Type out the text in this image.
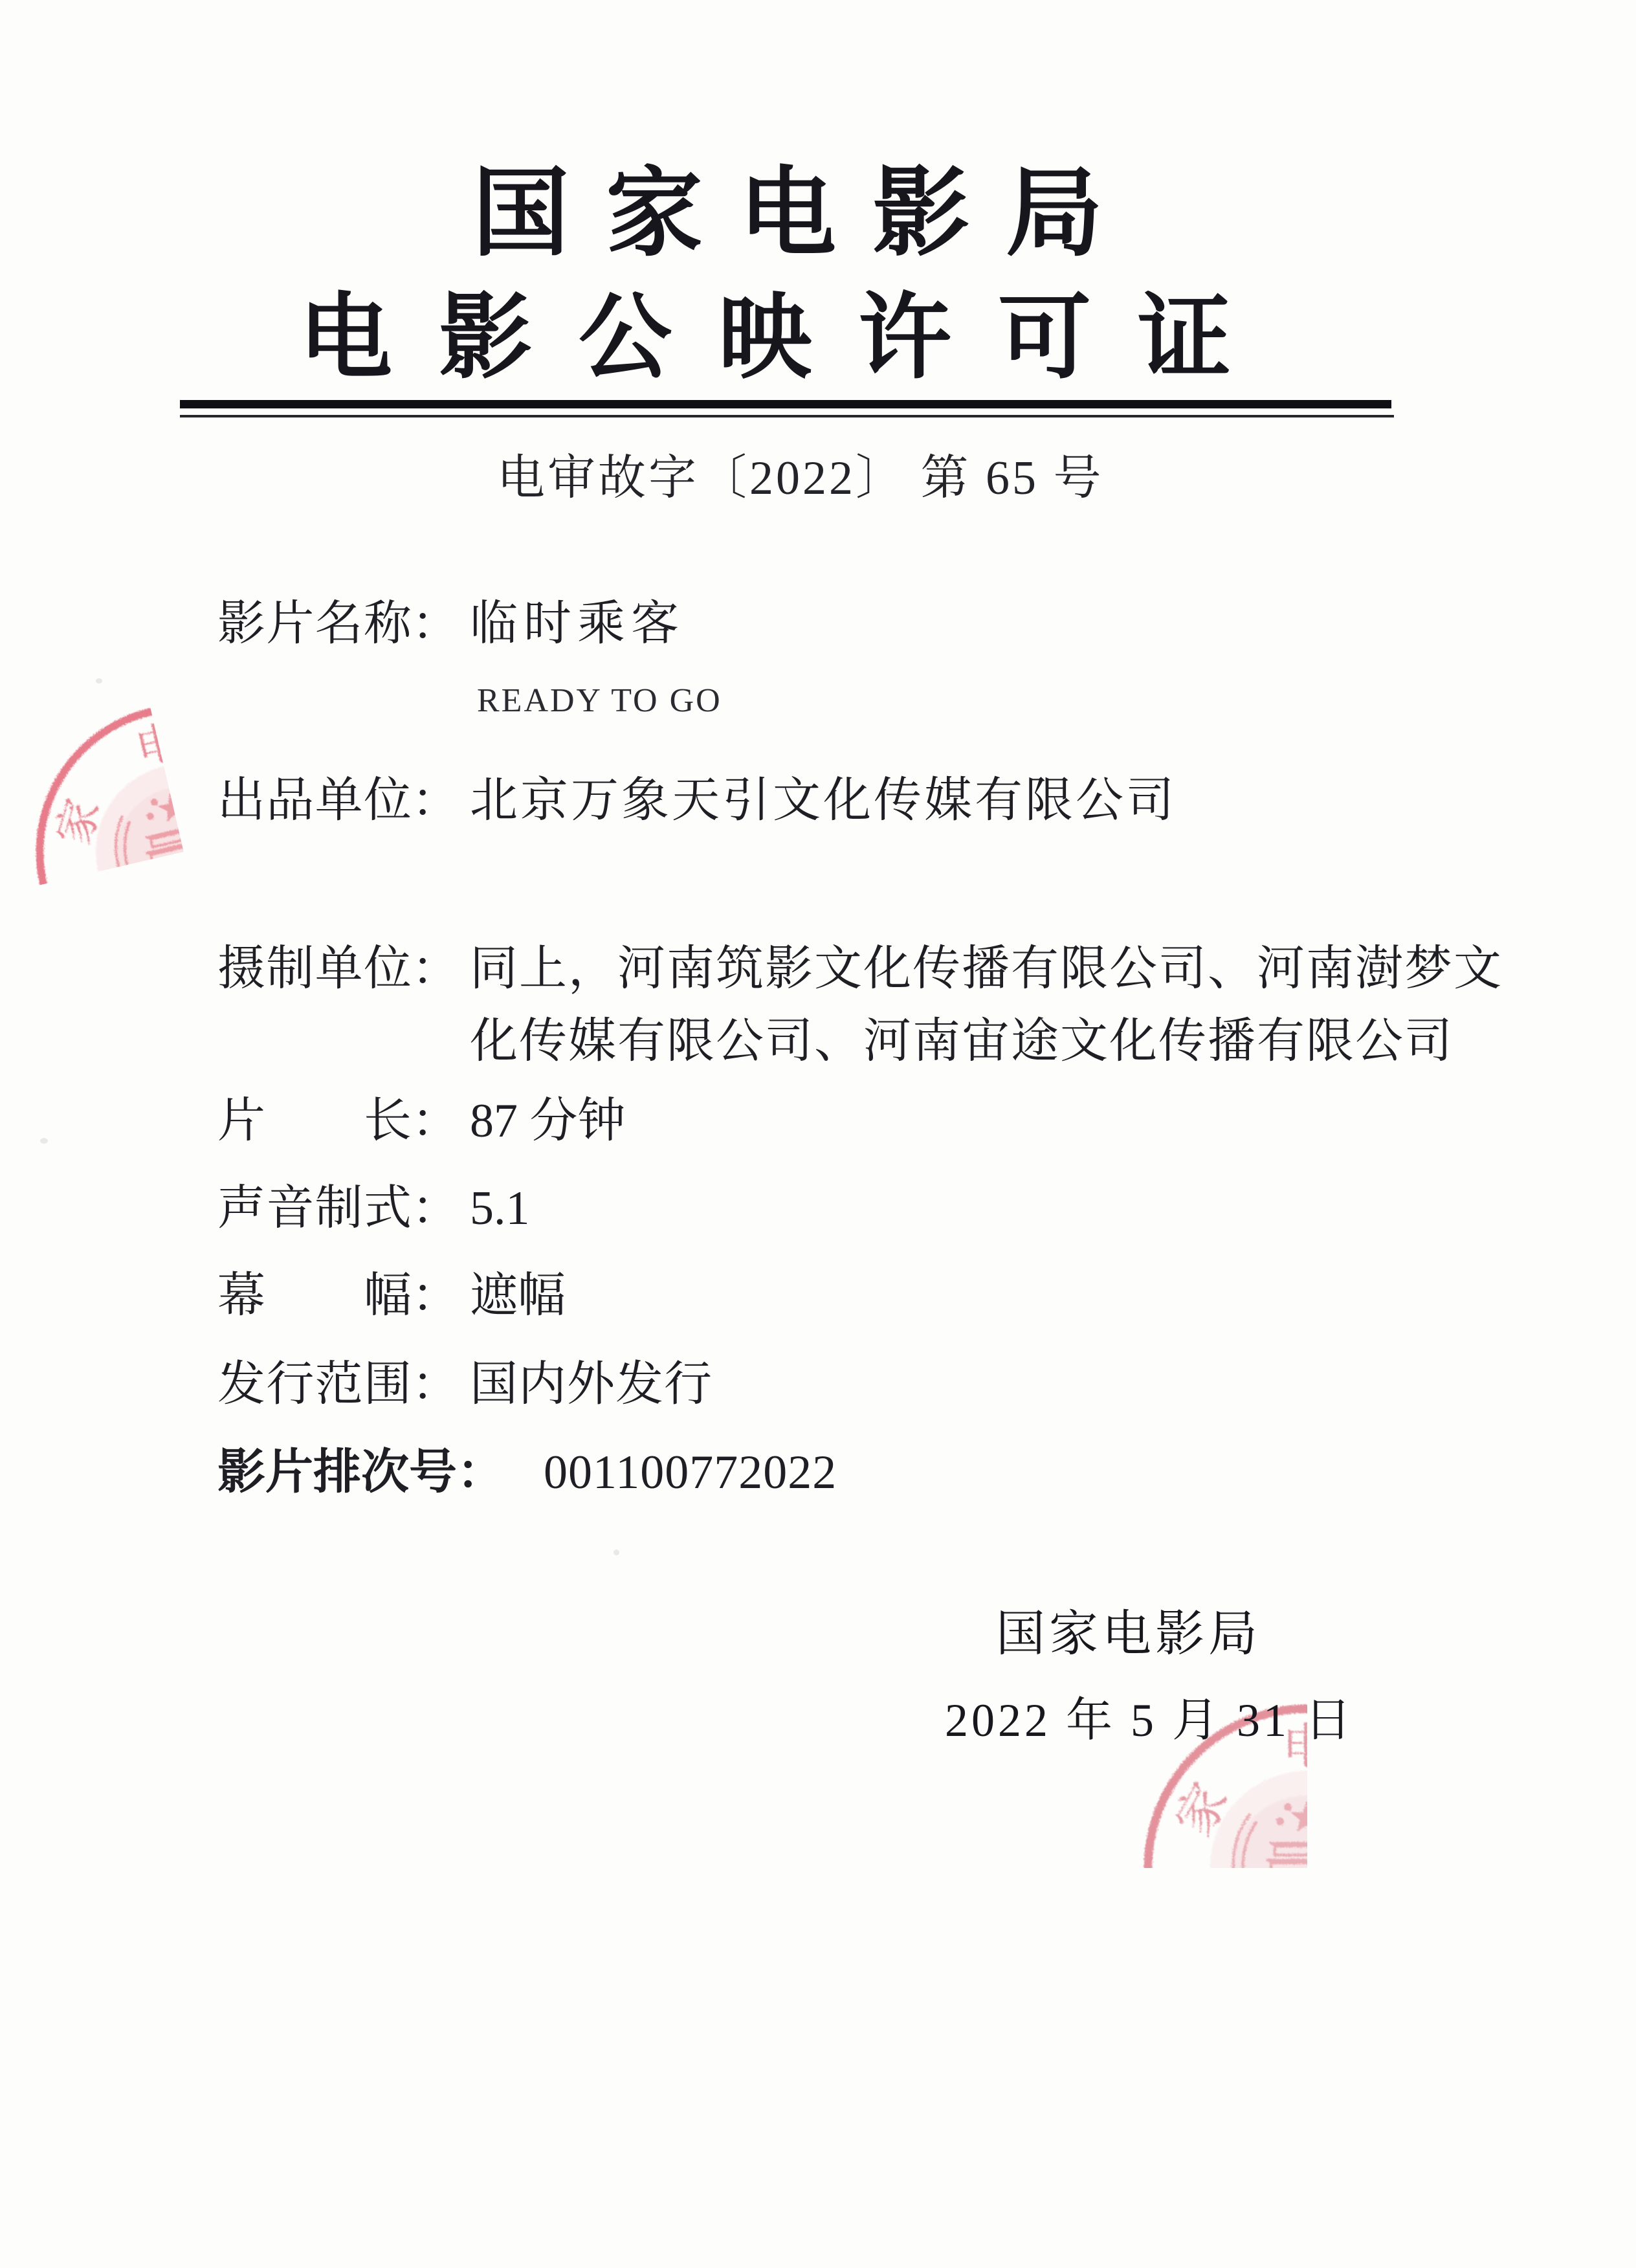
国家电影局
电影公映许可证
电审故字〔2022〕 第 65 号
影片名称 ： 临时乘客
READY TO GO
出品单位 ： 北京万象天引文化传媒有限公司
摄制单位 ： 同上，河南筑影文化传播有限公司、河南澍梦文化传媒有限公司、河南宙途文化传播有限公司
片长 ： 87 分钟
声音制式 ： 5.1
幕幅 ： 遮幅
发行范围 ： 国内外发行
影片排次号 ： 001100772022
国家电影局
2022 年 5 月 31 日
